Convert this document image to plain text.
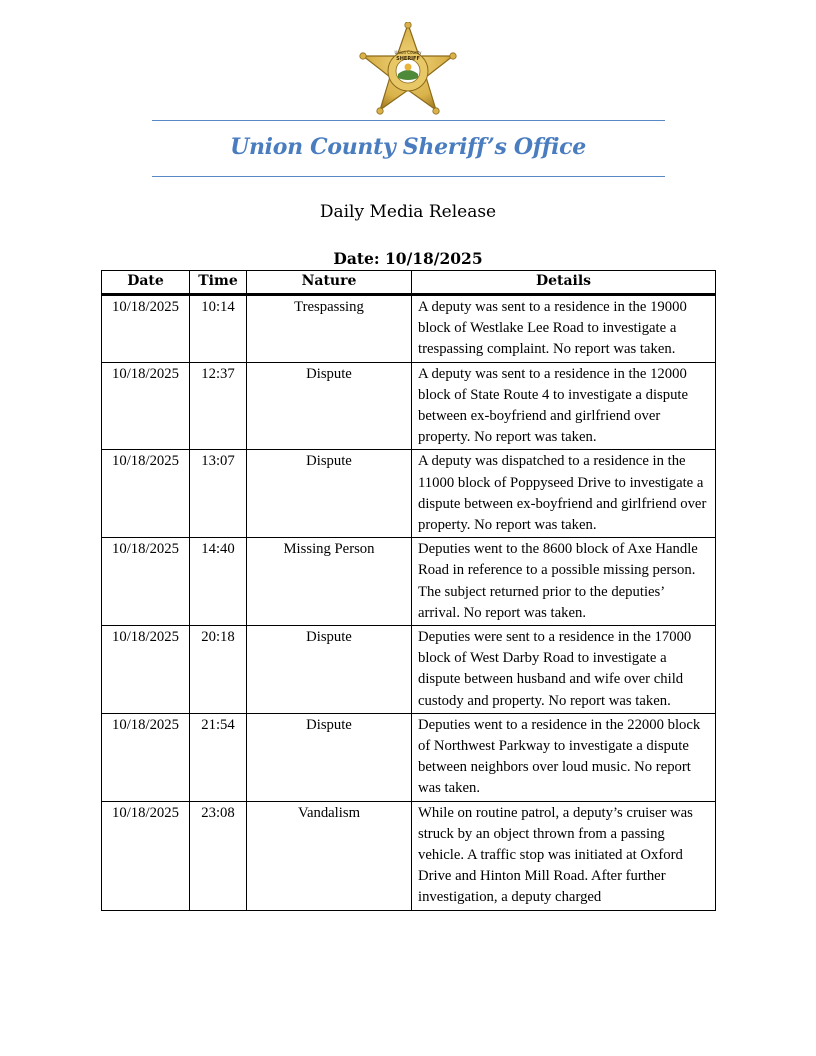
Union County
SHERIFF
Union County Sheriff’s Office
Daily Media Release
Date: 10/18/2025
Date	Time	Nature	Details
10/18/2025	10:14	Trespassing	A deputy was sent to a residence in the 19000 block of Westlake Lee Road to investigate a trespassing complaint. No report was taken.
10/18/2025	12:37	Dispute	A deputy was sent to a residence in the 12000 block of State Route 4 to investigate a dispute between ex-boyfriend and girlfriend over property. No report was taken.
10/18/2025	13:07	Dispute	A deputy was dispatched to a residence in the 11000 block of Poppyseed Drive to investigate a dispute between ex-boyfriend and girlfriend over property. No report was taken.
10/18/2025	14:40	Missing Person	Deputies went to the 8600 block of Axe Handle Road in reference to a possible missing person. The subject returned prior to the deputies’ arrival. No report was taken.
10/18/2025	20:18	Dispute	Deputies were sent to a residence in the 17000 block of West Darby Road to investigate a dispute between husband and wife over child custody and property. No report was taken.
10/18/2025	21:54	Dispute	Deputies went to a residence in the 22000 block of Northwest Parkway to investigate a dispute between neighbors over loud music. No report was taken.
10/18/2025	23:08	Vandalism	While on routine patrol, a deputy’s cruiser was struck by an object thrown from a passing vehicle. A traffic stop was initiated at Oxford Drive and Hinton Mill Road. After further investigation, a deputy charged
